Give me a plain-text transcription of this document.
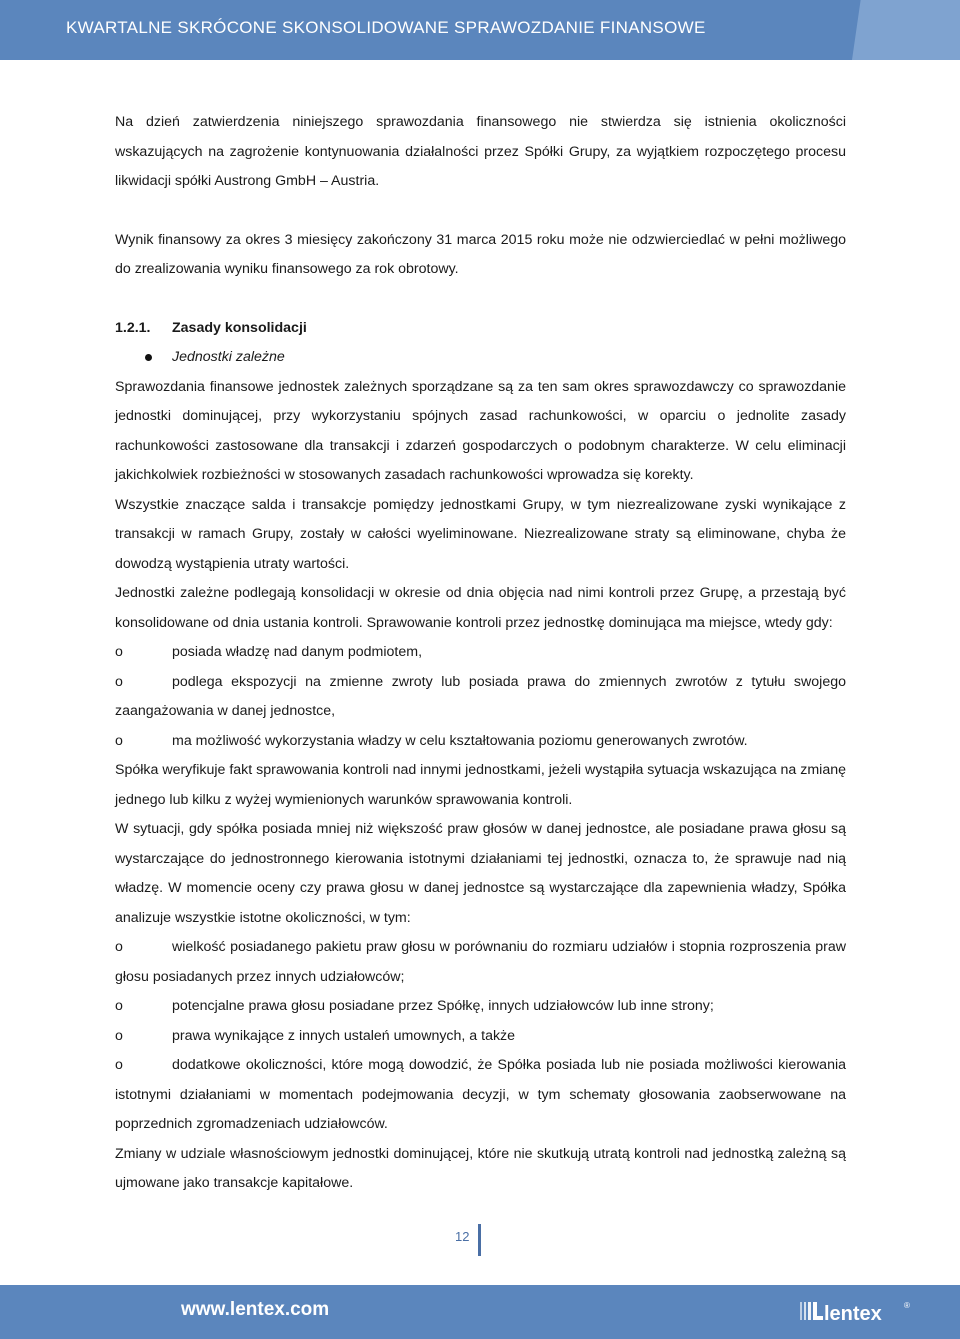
KWARTALNE SKRÓCONE SKONSOLIDOWANE SPRAWOZDANIE FINANSOWE

Na dzień zatwierdzenia niniejszego sprawozdania finansowego nie stwierdza się istnienia okoliczności wskazujących na zagrożenie kontynuowania działalności przez Spółki Grupy, za wyjątkiem rozpoczętego procesu likwidacji spółki Austrong GmbH – Austria.

Wynik finansowy za okres 3 miesięcy zakończony 31 marca 2015 roku może nie odzwierciedlać w pełni możliwego do zrealizowania wyniku finansowego za rok obrotowy.

1.2.1.	Zasady konsolidacji
Jednostki zależne

Sprawozdania finansowe jednostek zależnych sporządzane są za ten sam okres sprawozdawczy co sprawozdanie jednostki dominującej, przy wykorzystaniu spójnych zasad rachunkowości, w oparciu o jednolite zasady rachunkowości zastosowane dla transakcji i zdarzeń gospodarczych o podobnym charakterze. W celu eliminacji jakichkolwiek rozbieżności w stosowanych zasadach rachunkowości wprowadza się korekty.

Wszystkie znaczące salda i transakcje pomiędzy jednostkami Grupy, w tym niezrealizowane zyski wynikające z transakcji w ramach Grupy, zostały w całości wyeliminowane. Niezrealizowane straty są eliminowane, chyba że dowodzą wystąpienia utraty wartości.

Jednostki zależne podlegają konsolidacji w okresie od dnia objęcia nad nimi kontroli przez Grupę, a przestają być konsolidowane od dnia ustania kontroli. Sprawowanie kontroli przez jednostkę dominująca ma miejsce, wtedy gdy:

o	posiada władzę nad danym podmiotem,

o	podlega ekspozycji na zmienne zwroty lub posiada prawa do zmiennych zwrotów z tytułu swojego zaangażowania w danej jednostce,

o	ma możliwość wykorzystania władzy w celu kształtowania poziomu generowanych zwrotów.

Spółka weryfikuje fakt sprawowania kontroli nad innymi jednostkami, jeżeli wystąpiła sytuacja wskazująca na zmianę jednego lub kilku z wyżej wymienionych warunków sprawowania kontroli.

W sytuacji, gdy spółka posiada mniej niż większość praw głosów w danej jednostce, ale posiadane prawa głosu są wystarczające do jednostronnego kierowania istotnymi działaniami tej jednostki, oznacza to, że sprawuje nad nią władzę. W momencie oceny czy prawa głosu w danej jednostce są wystarczające dla zapewnienia władzy, Spółka analizuje wszystkie istotne okoliczności, w tym:

o	wielkość posiadanego pakietu praw głosu w porównaniu do rozmiaru udziałów i stopnia rozproszenia praw głosu posiadanych przez innych udziałowców;

o	potencjalne prawa głosu posiadane przez Spółkę, innych udziałowców lub inne strony;

o	prawa wynikające z innych ustaleń umownych, a także

o	dodatkowe okoliczności, które mogą dowodzić, że Spółka posiada lub nie posiada możliwości kierowania istotnymi działaniami w momentach podejmowania decyzji, w tym schematy głosowania zaobserwowane na poprzednich zgromadzeniach udziałowców.

Zmiany w udziale własnościowym jednostki dominującej, które nie skutkują utratą kontroli nad jednostką zależną są ujmowane jako transakcje kapitałowe.

12
www.lentex.com	lentex	®
